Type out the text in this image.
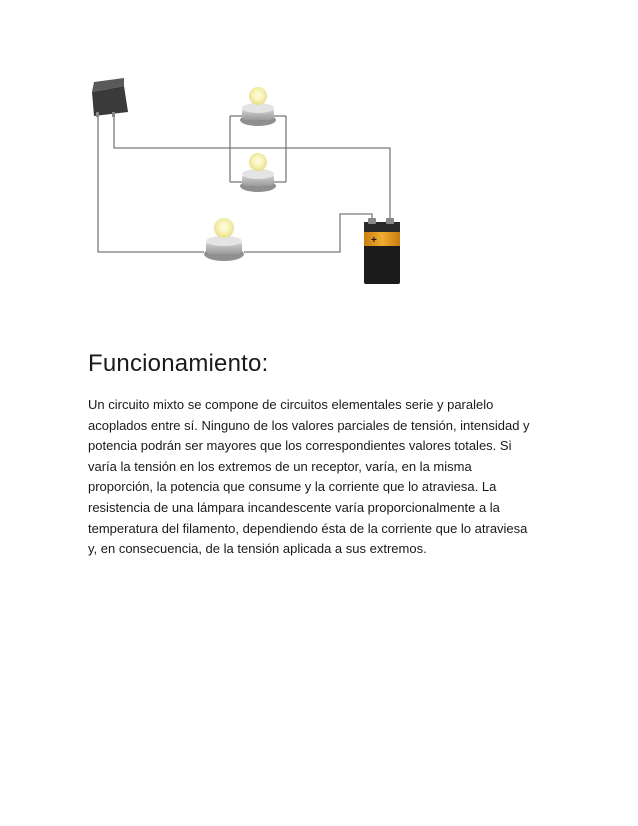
+
Funcionamiento:

Un circuito mixto se compone de circuitos elementales serie y paralelo
acoplados entre sí. Ninguno de los valores parciales de tensión, intensidad y
potencia podrán ser mayores que los correspondientes valores totales. Si
varía la tensión en los extremos de un receptor, varía, en la misma
proporción, la potencia que consume y la corriente que lo atraviesa. La
resistencia de una lámpara incandescente varía proporcionalmente a la
temperatura del filamento, dependiendo ésta de la corriente que lo atraviesa
y, en consecuencia, de la tensión aplicada a sus extremos.
